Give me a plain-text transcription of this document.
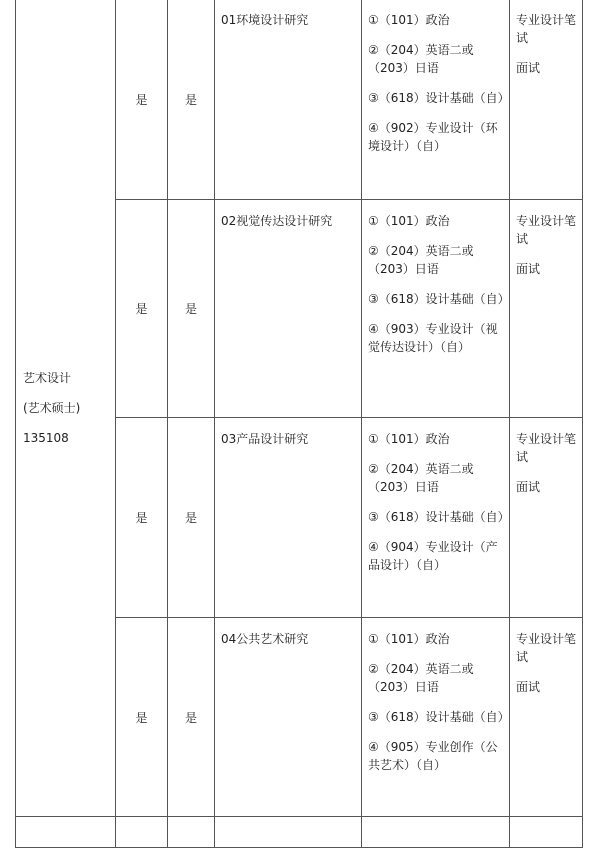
艺术设计
(艺术硕士)
135108	是	是	01环境设计研究	①（101）政治
②（204）英语二或（203）日语
③（618）设计基础（自）
④（902）专业设计（环境设计）（自）	专业设计笔试
面试

	是	是	02视觉传达设计研究	①（101）政治
②（204）英语二或（203）日语
③（618）设计基础（自）
④（903）专业设计（视觉传达设计）（自）	专业设计笔试
面试

	是	是	03产品设计研究	①（101）政治
②（204）英语二或（203）日语
③（618）设计基础（自）
④（904）专业设计（产品设计）（自）	专业设计笔试
面试

	是	是	04公共艺术研究	①（101）政治
②（204）英语二或（203）日语
③（618）设计基础（自）
④（905）专业创作（公共艺术）（自）	专业设计笔试
面试
